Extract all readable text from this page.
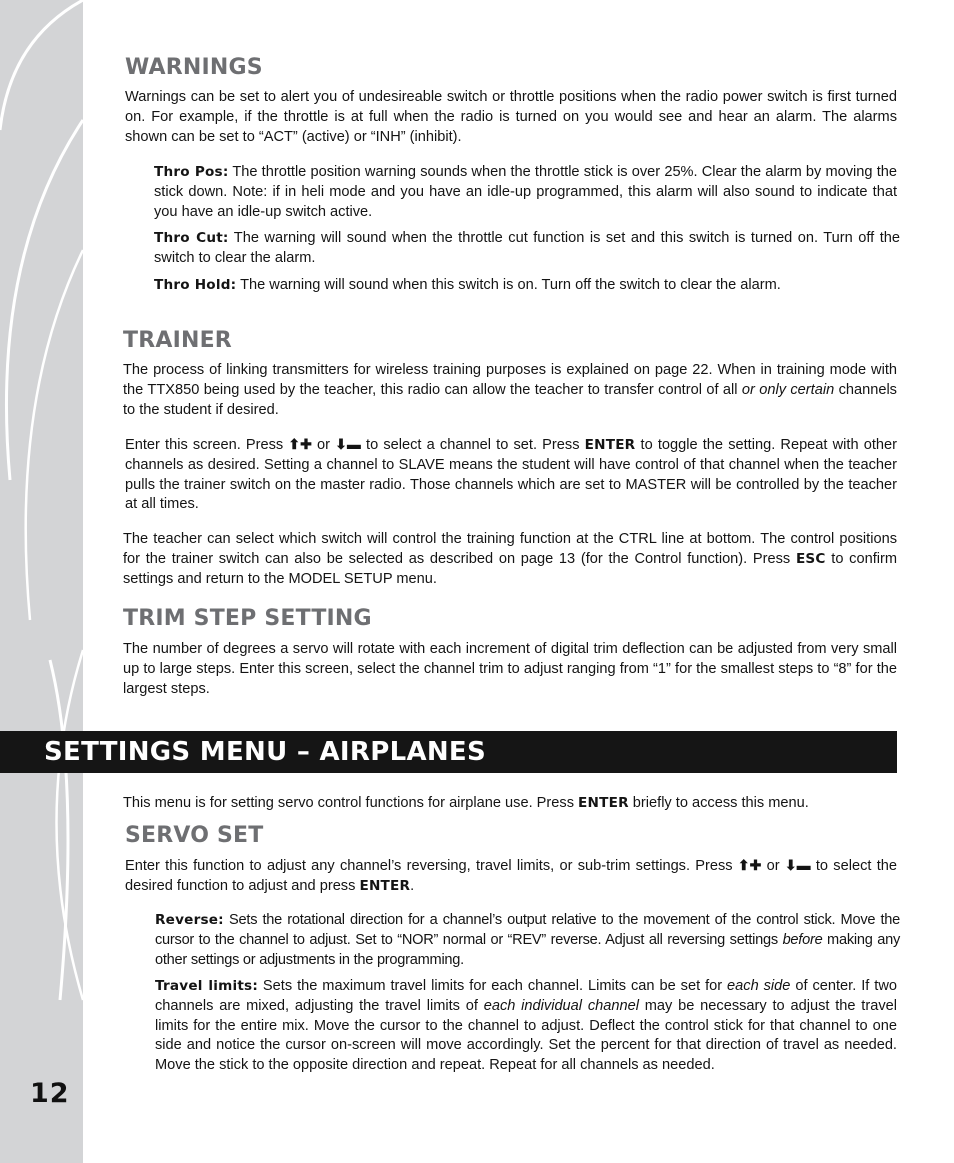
12
WARNINGS

Warnings can be set to alert you of undesireable switch or throttle positions when the radio power switch is first turned on. For example, if the throttle is at full when the radio is turned on you would see and hear an alarm. The alarms shown can be set to “ACT” (active) or “INH” (inhibit).

Thro Pos: The throttle position warning sounds when the throttle stick is over 25%. Clear the alarm by moving the stick down. Note: if in heli mode and you have an idle-up programmed, this alarm will also sound to indicate that you have an idle-up switch active.

Thro Cut: The warning will sound when the throttle cut function is set and this switch is turned on. Turn off the switch to clear the alarm.

Thro Hold: The warning will sound when this switch is on. Turn off the switch to clear the alarm.

TRAINER

The process of linking transmitters for wireless training purposes is explained on page 22. When in training mode with the TTX850 being used by the teacher, this radio can allow the teacher to transfer control of all or only certain channels to the student if desired.

Enter this screen. Press ⬆✚ or ⬇▬ to select a channel to set. Press ENTER to toggle the setting. Repeat with other channels as desired. Setting a channel to SLAVE means the student will have control of that channel when the teacher pulls the trainer switch on the master radio. Those channels which are set to MASTER will be controlled by the teacher at all times.

The teacher can select which switch will control the training function at the CTRL line at bottom. The control positions for the trainer switch can also be selected as described on page 13 (for the Control function). Press ESC to confirm settings and return to the MODEL SETUP menu.

TRIM STEP SETTING

The number of degrees a servo will rotate with each increment of digital trim deflection can be adjusted from very small up to large steps. Enter this screen, select the channel trim to adjust ranging from “1” for the smallest steps to “8” for the largest steps.

SETTINGS MENU – AIRPLANES

This menu is for setting servo control functions for airplane use. Press ENTER briefly to access this menu.

SERVO SET

Enter this function to adjust any channel’s reversing, travel limits, or sub-trim settings. Press ⬆✚ or ⬇▬ to select the desired function to adjust and press ENTER.

Reverse: Sets the rotational direction for a channel’s output relative to the movement of the control stick. Move the cursor to the channel to adjust. Set to “NOR” normal or “REV” reverse. Adjust all reversing settings before making any other settings or adjustments in the programming.

Travel limits: Sets the maximum travel limits for each channel. Limits can be set for each side of center. If two channels are mixed, adjusting the travel limits of each individual channel may be necessary to adjust the travel limits for the entire mix. Move the cursor to the channel to adjust. Deflect the control stick for that channel to one side and notice the cursor on-screen will move accordingly. Set the percent for that direction of travel as needed. Move the stick to the opposite direction and repeat. Repeat for all channels as needed.
